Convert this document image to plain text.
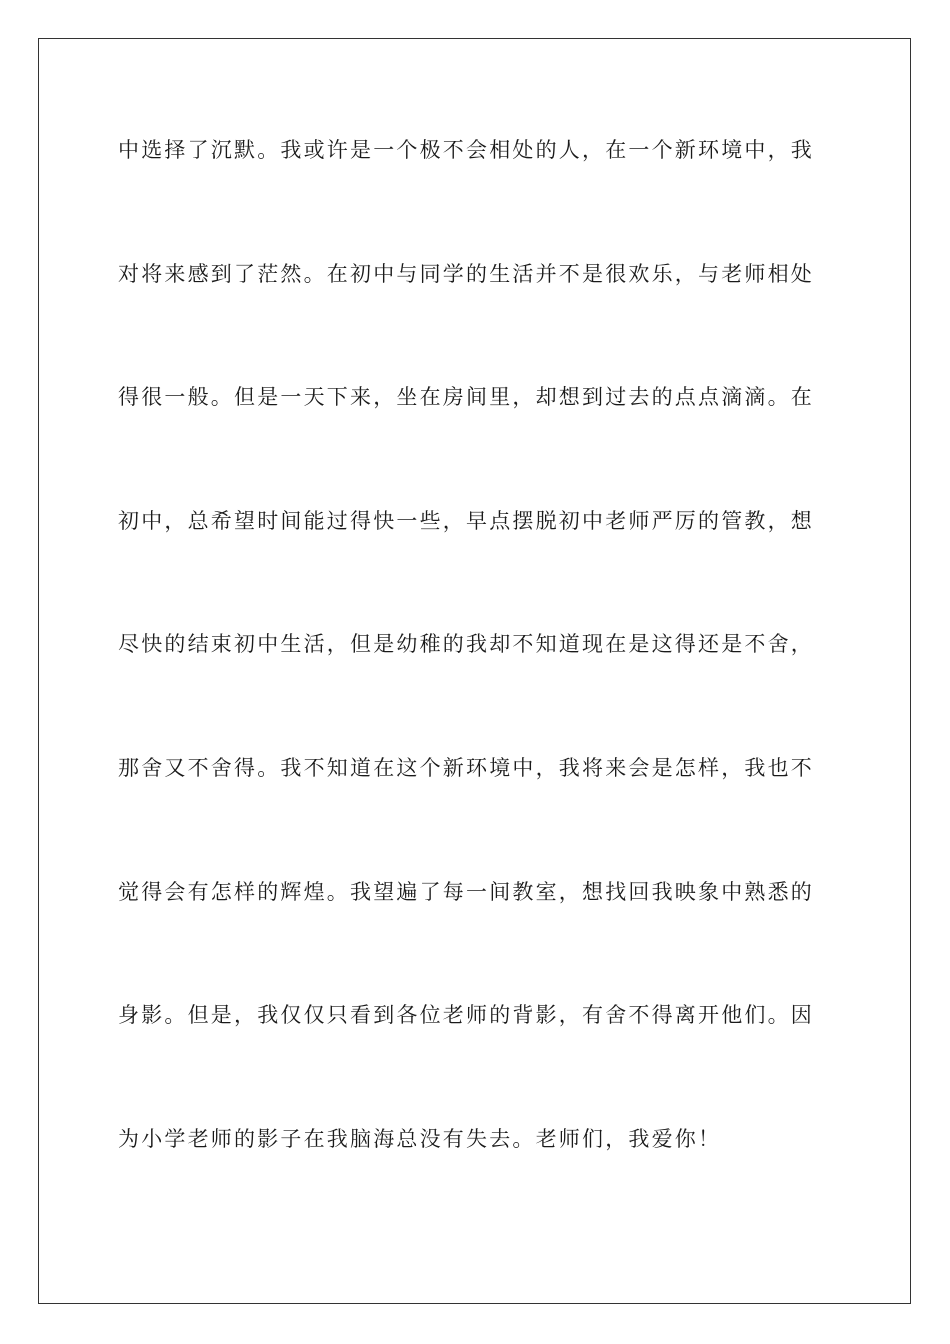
中选择了沉默。我或许是一个极不会相处的人，在一个新环境中，我
对将来感到了茫然。在初中与同学的生活并不是很欢乐，与老师相处
得很一般。但是一天下来，坐在房间里，却想到过去的点点滴滴。在
初中，总希望时间能过得快一些，早点摆脱初中老师严厉的管教，想
尽快的结束初中生活，但是幼稚的我却不知道现在是这得还是不舍，
那舍又不舍得。我不知道在这个新环境中，我将来会是怎样，我也不
觉得会有怎样的辉煌。我望遍了每一间教室，想找回我映象中熟悉的
身影。但是，我仅仅只看到各位老师的背影，有舍不得离开他们。因
为小学老师的影子在我脑海总没有失去。老师们，我爱你！
